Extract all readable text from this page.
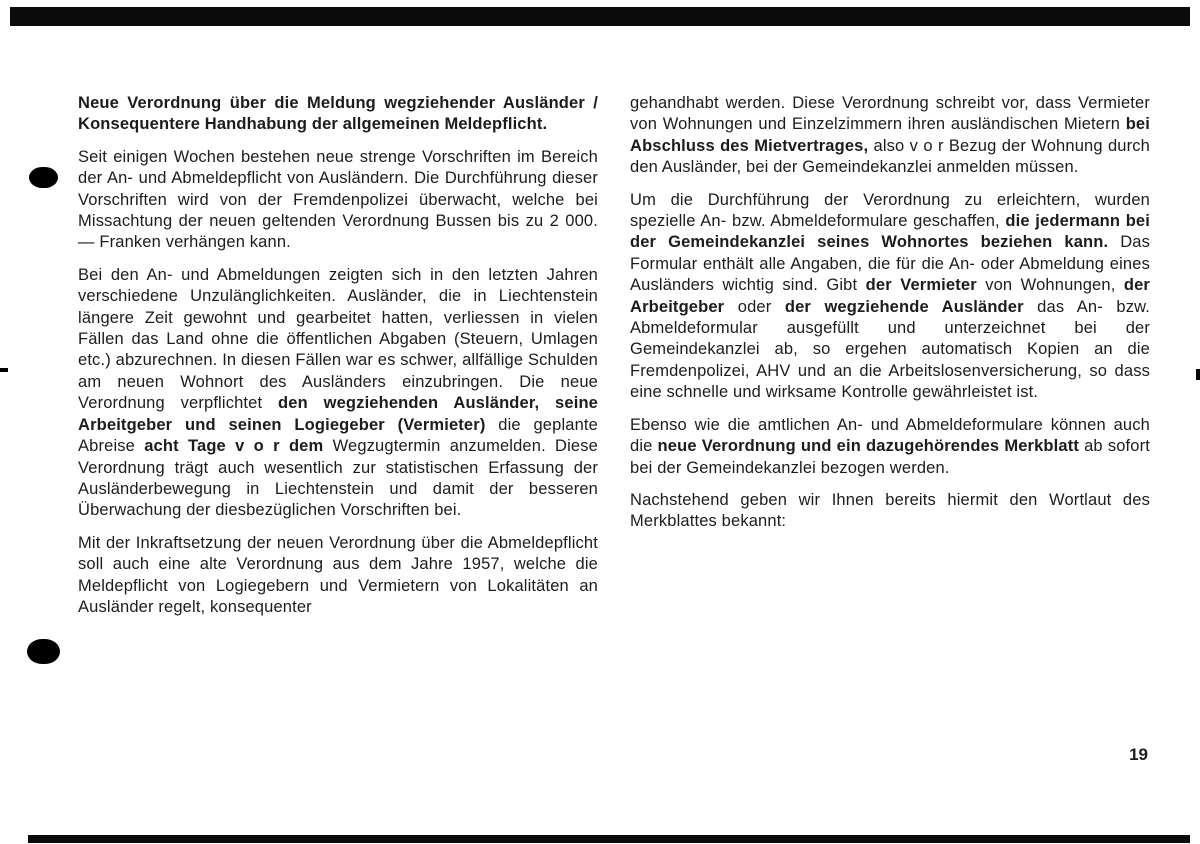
Neue Verordnung über die Meldung wegziehender Ausländer / Konsequentere Handhabung der allgemeinen Meldepflicht.

Seit einigen Wochen bestehen neue strenge Vorschriften im Bereich der An- und Abmeldepflicht von Ausländern. Die Durchführung dieser Vorschriften wird von der Fremdenpolizei überwacht, welche bei Missachtung der neuen geltenden Verordnung Bussen bis zu 2 000.— Franken verhängen kann.

Bei den An- und Abmeldungen zeigten sich in den letzten Jahren verschiedene Unzulänglichkeiten. Ausländer, die in Liechtenstein längere Zeit gewohnt und gearbeitet hatten, verliessen in vielen Fällen das Land ohne die öffentlichen Abgaben (Steuern, Umlagen etc.) abzurechnen. In diesen Fällen war es schwer, allfällige Schulden am neuen Wohnort des Ausländers einzubringen. Die neue Verordnung verpflichtet den wegziehenden Ausländer, seine Arbeitgeber und seinen Logiegeber (Vermieter) die geplante Abreise acht Tage v o r dem Wegzugtermin anzumelden. Diese Verordnung trägt auch wesentlich zur statistischen Erfassung der Ausländerbewegung in Liechtenstein und damit der besseren Überwachung der diesbezüglichen Vorschriften bei.

Mit der Inkraftsetzung der neuen Verordnung über die Abmeldepflicht soll auch eine alte Verordnung aus dem Jahre 1957, welche die Meldepflicht von Logiegebern und Vermietern von Lokalitäten an Ausländer regelt, konsequenter

gehandhabt werden. Diese Verordnung schreibt vor, dass Vermieter von Wohnungen und Einzelzimmern ihren ausländischen Mietern bei Abschluss des Mietvertrages, also v o r Bezug der Wohnung durch den Ausländer, bei der Gemeindekanzlei anmelden müssen.

Um die Durchführung der Verordnung zu erleichtern, wurden spezielle An- bzw. Abmeldeformulare geschaffen, die jedermann bei der Gemeindekanzlei seines Wohnortes beziehen kann. Das Formular enthält alle Angaben, die für die An- oder Abmeldung eines Ausländers wichtig sind. Gibt der Vermieter von Wohnungen, der Arbeitgeber oder der wegziehende Ausländer das An- bzw. Abmeldeformular ausgefüllt und unterzeichnet bei der Gemeindekanzlei ab, so ergehen automatisch Kopien an die Fremdenpolizei, AHV und an die Arbeitslosenversicherung, so dass eine schnelle und wirksame Kontrolle gewährleistet ist.

Ebenso wie die amtlichen An- und Abmeldeformulare können auch die neue Verordnung und ein dazugehörendes Merkblatt ab sofort bei der Gemeindekanzlei bezogen werden.

Nachstehend geben wir Ihnen bereits hiermit den Wortlaut des Merkblattes bekannt:

19
